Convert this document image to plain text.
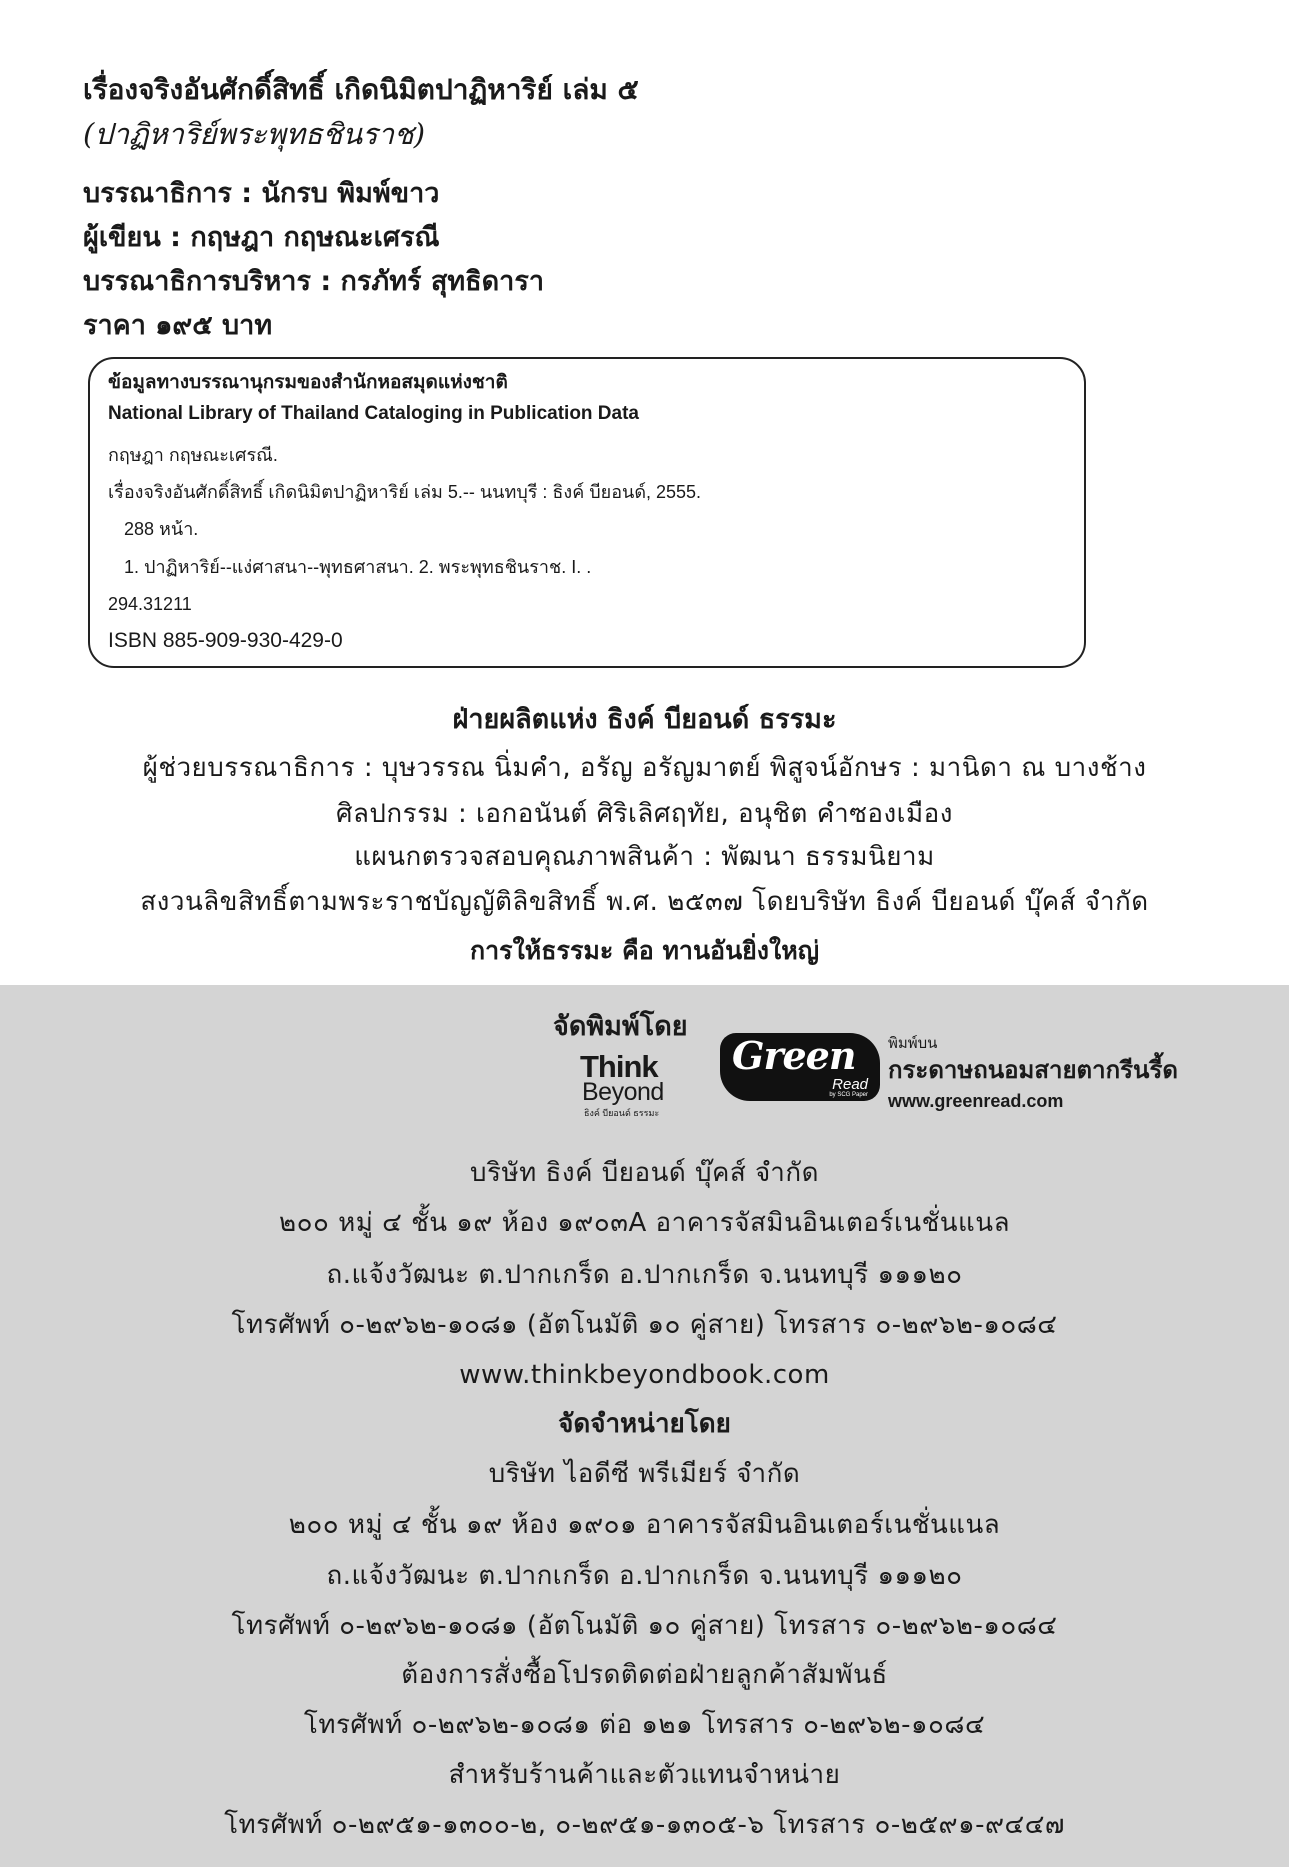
เรื่องจริงอันศักดิ์สิทธิ์ เกิดนิมิตปาฏิหาริย์ เล่ม ๕
(ปาฏิหาริย์พระพุทธชินราช)
บรรณาธิการ : นักรบ พิมพ์ขาว
ผู้เขียน : กฤษฎา กฤษณะเศรณี
บรรณาธิการบริหาร : กรภัทร์ สุทธิดารา
ราคา ๑๙๕ บาท
ข้อมูลทางบรรณานุกรมของสำนักหอสมุดแห่งชาติ
National Library of Thailand Cataloging in Publication Data
กฤษฎา กฤษณะเศรณี.
เรื่องจริงอันศักดิ์สิทธิ์ เกิดนิมิตปาฏิหาริย์ เล่ม 5.-- นนทบุรี : ธิงค์ บียอนด์, 2555.
288 หน้า.
1. ปาฏิหาริย์--แง่ศาสนา--พุทธศาสนา. 2. พระพุทธชินราช. I. .
294.31211
ISBN 885-909-930-429-0
ฝ่ายผลิตแห่ง ธิงค์ บียอนด์ ธรรมะ
ผู้ช่วยบรรณาธิการ : บุษวรรณ นิ่มคำ, อรัญ อรัญมาตย์ พิสูจน์อักษร : มานิดา ณ บางช้าง
ศิลปกรรม : เอกอนันต์ ศิริเลิศฤทัย, อนุชิต คำซองเมือง
แผนกตรวจสอบคุณภาพสินค้า : พัฒนา ธรรมนิยาม
สงวนลิขสิทธิ์ตามพระราชบัญญัติลิขสิทธิ์ พ.ศ. ๒๕๓๗ โดยบริษัท ธิงค์ บียอนด์ บุ๊คส์ จำกัด
การให้ธรรมะ คือ ทานอันยิ่งใหญ่
จัดพิมพ์โดย
Think
Beyond
ธิงค์ บียอนด์ ธรรมะ
Green
Read
by SCG Paper
พิมพ์บน
กระดาษถนอมสายตากรีนรี้ด
www.greenread.com
บริษัท ธิงค์ บียอนด์ บุ๊คส์ จำกัด
๒๐๐ หมู่ ๔ ชั้น ๑๙ ห้อง ๑๙๐๓A อาคารจัสมินอินเตอร์เนชั่นแนล
ถ.แจ้งวัฒนะ ต.ปากเกร็ด อ.ปากเกร็ด จ.นนทบุรี ๑๑๑๒๐
โทรศัพท์ ๐-๒๙๖๒-๑๐๘๑ (อัตโนมัติ ๑๐ คู่สาย) โทรสาร ๐-๒๙๖๒-๑๐๘๔
www.thinkbeyondbook.com
จัดจำหน่ายโดย
บริษัท ไอดีซี พรีเมียร์ จำกัด
๒๐๐ หมู่ ๔ ชั้น ๑๙ ห้อง ๑๙๐๑ อาคารจัสมินอินเตอร์เนชั่นแนล
ถ.แจ้งวัฒนะ ต.ปากเกร็ด อ.ปากเกร็ด จ.นนทบุรี ๑๑๑๒๐
โทรศัพท์ ๐-๒๙๖๒-๑๐๘๑ (อัตโนมัติ ๑๐ คู่สาย) โทรสาร ๐-๒๙๖๒-๑๐๘๔
ต้องการสั่งซื้อโปรดติดต่อฝ่ายลูกค้าสัมพันธ์
โทรศัพท์ ๐-๒๙๖๒-๑๐๘๑ ต่อ ๑๒๑ โทรสาร ๐-๒๙๖๒-๑๐๘๔
สำหรับร้านค้าและตัวแทนจำหน่าย
โทรศัพท์ ๐-๒๙๕๑-๑๓๐๐-๒, ๐-๒๙๕๑-๑๓๐๕-๖ โทรสาร ๐-๒๕๙๑-๙๔๔๗
